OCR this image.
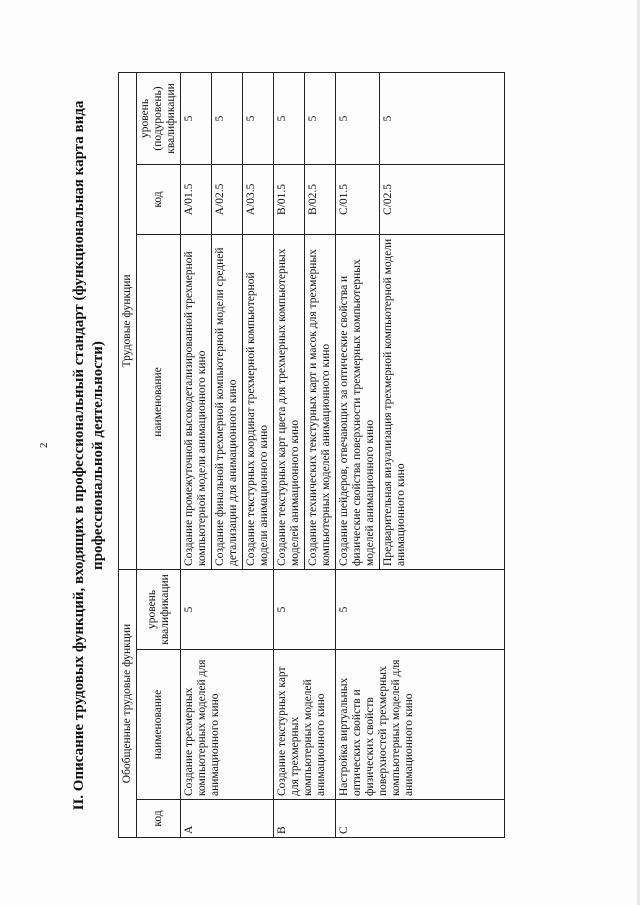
2 II. Описание трудовых функций, входящих в профессиональный стандарт (функциональная карта вида профессиональной деятельности)
Обобщенные трудовые функции			Трудовые функции		
код	наименование	уровень квалификации	наименование	код	уровень (подуровень) квалификации
A	Создание трехмерных компьютерных моделей для анимационного кино	5	Создание промежуточной высокодетализированной трехмерной компьютерной модели анимационного кино	A/01.5	5
			Создание финальной трехмерной компьютерной модели средней детализации для анимационного кино	A/02.5	5
			Создание текстурных координат трехмерной компьютерной модели анимационного кино	A/03.5	5
B	Создание текстурных карт для трехмерных компьютерных моделей анимационного кино	5	Создание текстурных карт цвета для трехмерных компьютерных моделей анимационного кино	B/01.5	5
			Создание технических текстурных карт и масок для трехмерных компьютерных моделей анимационного кино	B/02.5	5
C	Настройка виртуальных оптических свойств и физических свойств поверхностей трехмерных компьютерных моделей для анимационного кино	5	Создание шейдеров, отвечающих за оптические свойства и физические свойства поверхности трехмерных компьютерных моделей анимационного кино	C/01.5	5
			Предварительная визуализация трехмерной компьютерной модели анимационного кино	C/02.5	5
